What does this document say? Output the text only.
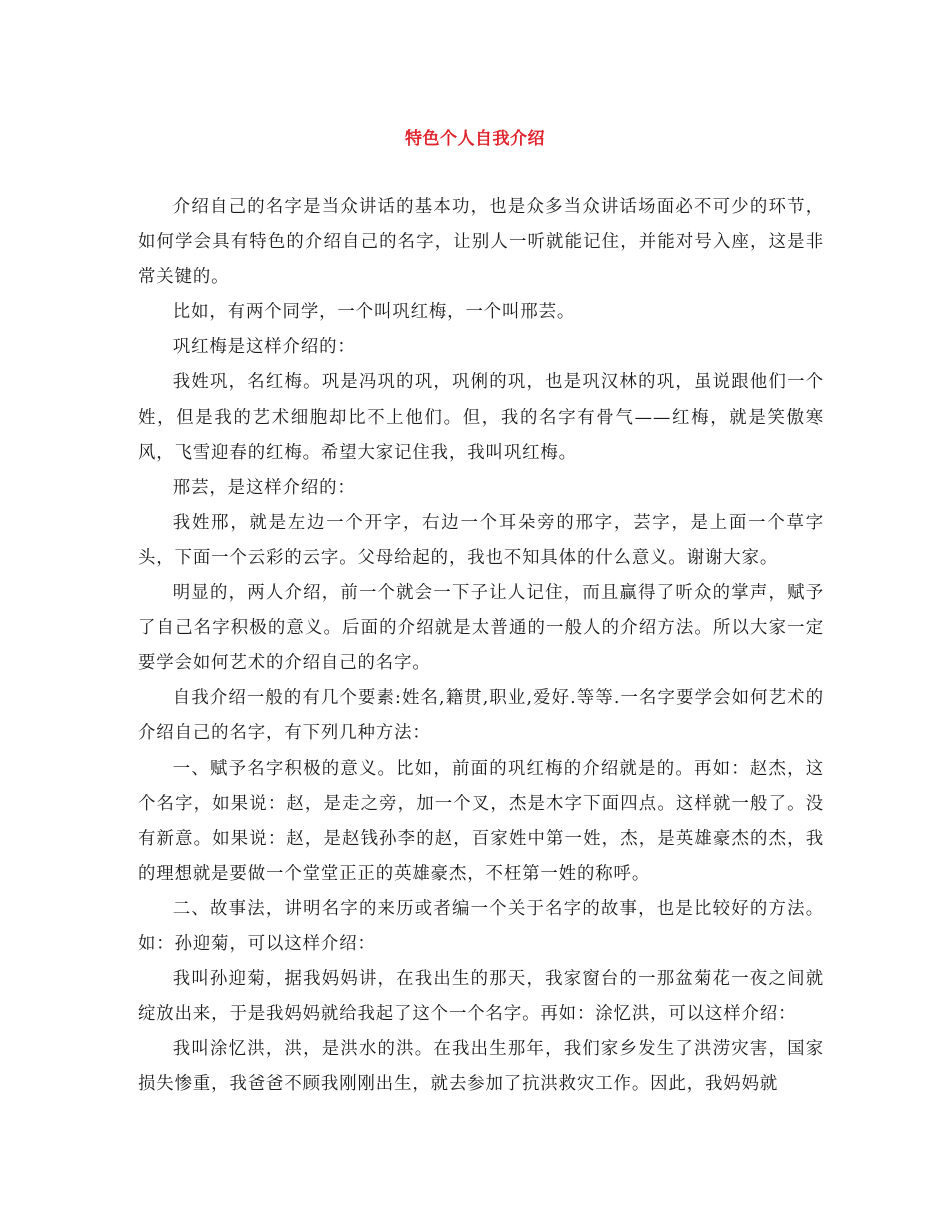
特色个人自我介绍

介绍自己的名字是当众讲话的基本功，也是众多当众讲话场面必不可少的环节，如何学会具有特色的介绍自己的名字，让别人一听就能记住，并能对号入座，这是非常关键的。

比如，有两个同学，一个叫巩红梅，一个叫邢芸。

巩红梅是这样介绍的：

我姓巩，名红梅。巩是冯巩的巩，巩俐的巩，也是巩汉林的巩，虽说跟他们一个姓，但是我的艺术细胞却比不上他们。但，我的名字有骨气——红梅，就是笑傲寒风，飞雪迎春的红梅。希望大家记住我，我叫巩红梅。

邢芸，是这样介绍的：

我姓邢，就是左边一个开字，右边一个耳朵旁的邢字，芸字，是上面一个草字头，下面一个云彩的云字。父母给起的，我也不知具体的什么意义。谢谢大家。

明显的，两人介绍，前一个就会一下子让人记住，而且赢得了听众的掌声，赋予了自己名字积极的意义。后面的介绍就是太普通的一般人的介绍方法。所以大家一定要学会如何艺术的介绍自己的名字。

自我介绍一般的有几个要素:姓名,籍贯,职业,爱好.等等.一名字要学会如何艺术的介绍自己的名字，有下列几种方法：

一、赋予名字积极的意义。比如，前面的巩红梅的介绍就是的。再如：赵杰，这个名字，如果说：赵，是走之旁，加一个叉，杰是木字下面四点。这样就一般了。没有新意。如果说：赵，是赵钱孙李的赵，百家姓中第一姓，杰，是英雄豪杰的杰，我的理想就是要做一个堂堂正正的英雄豪杰，不枉第一姓的称呼。

二、故事法，讲明名字的来历或者编一个关于名字的故事，也是比较好的方法。如：孙迎菊，可以这样介绍：

我叫孙迎菊，据我妈妈讲，在我出生的那天，我家窗台的一那盆菊花一夜之间就绽放出来，于是我妈妈就给我起了这个一个名字。再如：涂忆洪，可以这样介绍：

我叫涂忆洪，洪，是洪水的洪。在我出生那年，我们家乡发生了洪涝灾害，国家损失惨重，我爸爸不顾我刚刚出生，就去参加了抗洪救灾工作。因此，我妈妈就
